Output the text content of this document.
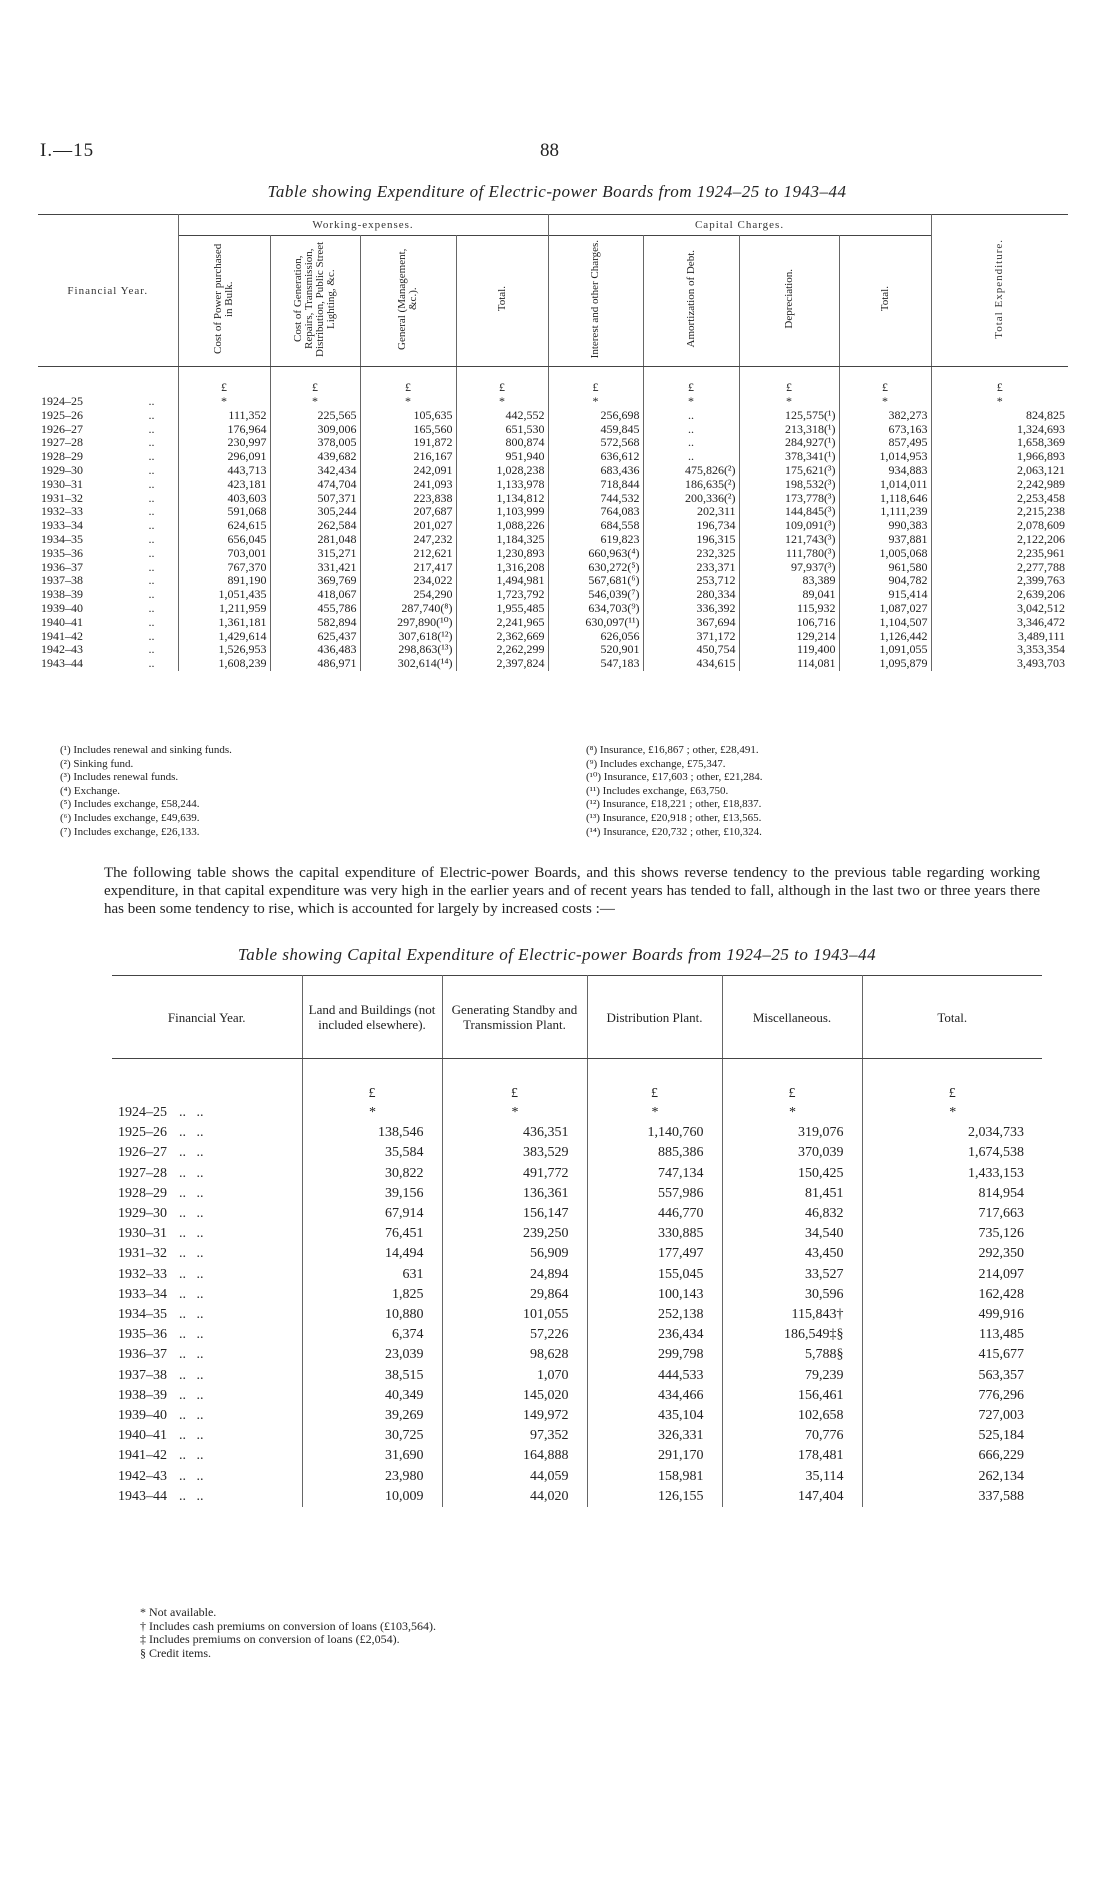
I.—15	88
Table showing Expenditure of Electric-power Boards from 1924–25 to 1943–44
Financial Year.	Working-expenses.				Capital Charges.				Total Expenditure.
	Cost of Power purchased in Bulk.	Cost of Generation, Repairs, Transmission, Distribution, Public Street Lighting, &c.	General (Management, &c.).	Total.	Interest and other Charges.	Amortization of Debt.	Depreciation.	Total.	
	£	£	£	£	£	£	£	£	£
1924–25 ..	*	*	*	*	*	*	*	*	*
1925–26 ..	111,352	225,565	105,635	442,552	256,698	..	125,575(¹)	382,273	824,825
1926–27 ..	176,964	309,006	165,560	651,530	459,845	..	213,318(¹)	673,163	1,324,693
1927–28 ..	230,997	378,005	191,872	800,874	572,568	..	284,927(¹)	857,495	1,658,369
1928–29 ..	296,091	439,682	216,167	951,940	636,612	..	378,341(¹)	1,014,953	1,966,893
1929–30 ..	443,713	342,434	242,091	1,028,238	683,436	475,826(²)	175,621(³)	934,883	2,063,121
1930–31 ..	423,181	474,704	241,093	1,133,978	718,844	186,635(²)	198,532(³)	1,014,011	2,242,989
1931–32 ..	403,603	507,371	223,838	1,134,812	744,532	200,336(²)	173,778(³)	1,118,646	2,253,458
1932–33 ..	591,068	305,244	207,687	1,103,999	764,083	202,311	144,845(³)	1,111,239	2,215,238
1933–34 ..	624,615	262,584	201,027	1,088,226	684,558	196,734	109,091(³)	990,383	2,078,609
1934–35 ..	656,045	281,048	247,232	1,184,325	619,823	196,315	121,743(³)	937,881	2,122,206
1935–36 ..	703,001	315,271	212,621	1,230,893	660,963(⁴)	232,325	111,780(³)	1,005,068	2,235,961
1936–37 ..	767,370	331,421	217,417	1,316,208	630,272(⁵)	233,371	97,937(³)	961,580	2,277,788
1937–38 ..	891,190	369,769	234,022	1,494,981	567,681(⁶)	253,712	83,389	904,782	2,399,763
1938–39 ..	1,051,435	418,067	254,290	1,723,792	546,039(⁷)	280,334	89,041	915,414	2,639,206
1939–40 ..	1,211,959	455,786	287,740(⁸)	1,955,485	634,703(⁹)	336,392	115,932	1,087,027	3,042,512
1940–41 ..	1,361,181	582,894	297,890(¹⁰)	2,241,965	630,097(¹¹)	367,694	106,716	1,104,507	3,346,472
1941–42 ..	1,429,614	625,437	307,618(¹²)	2,362,669	626,056	371,172	129,214	1,126,442	3,489,111
1942–43 ..	1,526,953	436,483	298,863(¹³)	2,262,299	520,901	450,754	119,400	1,091,055	3,353,354
1943–44 ..	1,608,239	486,971	302,614(¹⁴)	2,397,824	547,183	434,615	114,081	1,095,879	3,493,703
(¹) Includes renewal and sinking funds.
(²) Sinking fund.
(³) Includes renewal funds.
(⁴) Exchange.
(⁵) Includes exchange, £58,244.
(⁶) Includes exchange, £49,639.
(⁷) Includes exchange, £26,133.
(⁸) Insurance, £16,867 ; other, £28,491.
(⁹) Includes exchange, £75,347.
(¹⁰) Insurance, £17,603 ; other, £21,284.
(¹¹) Includes exchange, £63,750.
(¹²) Insurance, £18,221 ; other, £18,837.
(¹³) Insurance, £20,918 ; other, £13,565.
(¹⁴) Insurance, £20,732 ; other, £10,324.
The following table shows the capital expenditure of Electric-power Boards, and this shows reverse tendency to the previous table regarding working expenditure, in that capital expenditure was very high in the earlier years and of recent years has tended to fall, although in the last two or three years there has been some tendency to rise, which is accounted for largely by increased costs :—
Table showing Capital Expenditure of Electric-power Boards from 1924–25 to 1943–44
Financial Year.	Land and Buildings (not included elsewhere).	Generating Standby and Transmission Plant.	Distribution Plant.	Miscellaneous.	Total.
	£	£	£	£	£
1924–25 ..   ..	*	*	*	*	*
1925–26 ..   ..	138,546	436,351	1,140,760	319,076	2,034,733
1926–27 ..   ..	35,584	383,529	885,386	370,039	1,674,538
1927–28 ..   ..	30,822	491,772	747,134	150,425	1,433,153
1928–29 ..   ..	39,156	136,361	557,986	81,451	814,954
1929–30 ..   ..	67,914	156,147	446,770	46,832	717,663
1930–31 ..   ..	76,451	239,250	330,885	34,540	735,126
1931–32 ..   ..	14,494	56,909	177,497	43,450	292,350
1932–33 ..   ..	631	24,894	155,045	33,527	214,097
1933–34 ..   ..	1,825	29,864	100,143	30,596	162,428
1934–35 ..   ..	10,880	101,055	252,138	115,843†	499,916
1935–36 ..   ..	6,374	57,226	236,434	186,549‡§	113,485
1936–37 ..   ..	23,039	98,628	299,798	5,788§	415,677
1937–38 ..   ..	38,515	1,070	444,533	79,239	563,357
1938–39 ..   ..	40,349	145,020	434,466	156,461	776,296
1939–40 ..   ..	39,269	149,972	435,104	102,658	727,003
1940–41 ..   ..	30,725	97,352	326,331	70,776	525,184
1941–42 ..   ..	31,690	164,888	291,170	178,481	666,229
1942–43 ..   ..	23,980	44,059	158,981	35,114	262,134
1943–44 ..   ..	10,009	44,020	126,155	147,404	337,588
* Not available.
† Includes cash premiums on conversion of loans (£103,564).
‡ Includes premiums on conversion of loans (£2,054).
§ Credit items.
